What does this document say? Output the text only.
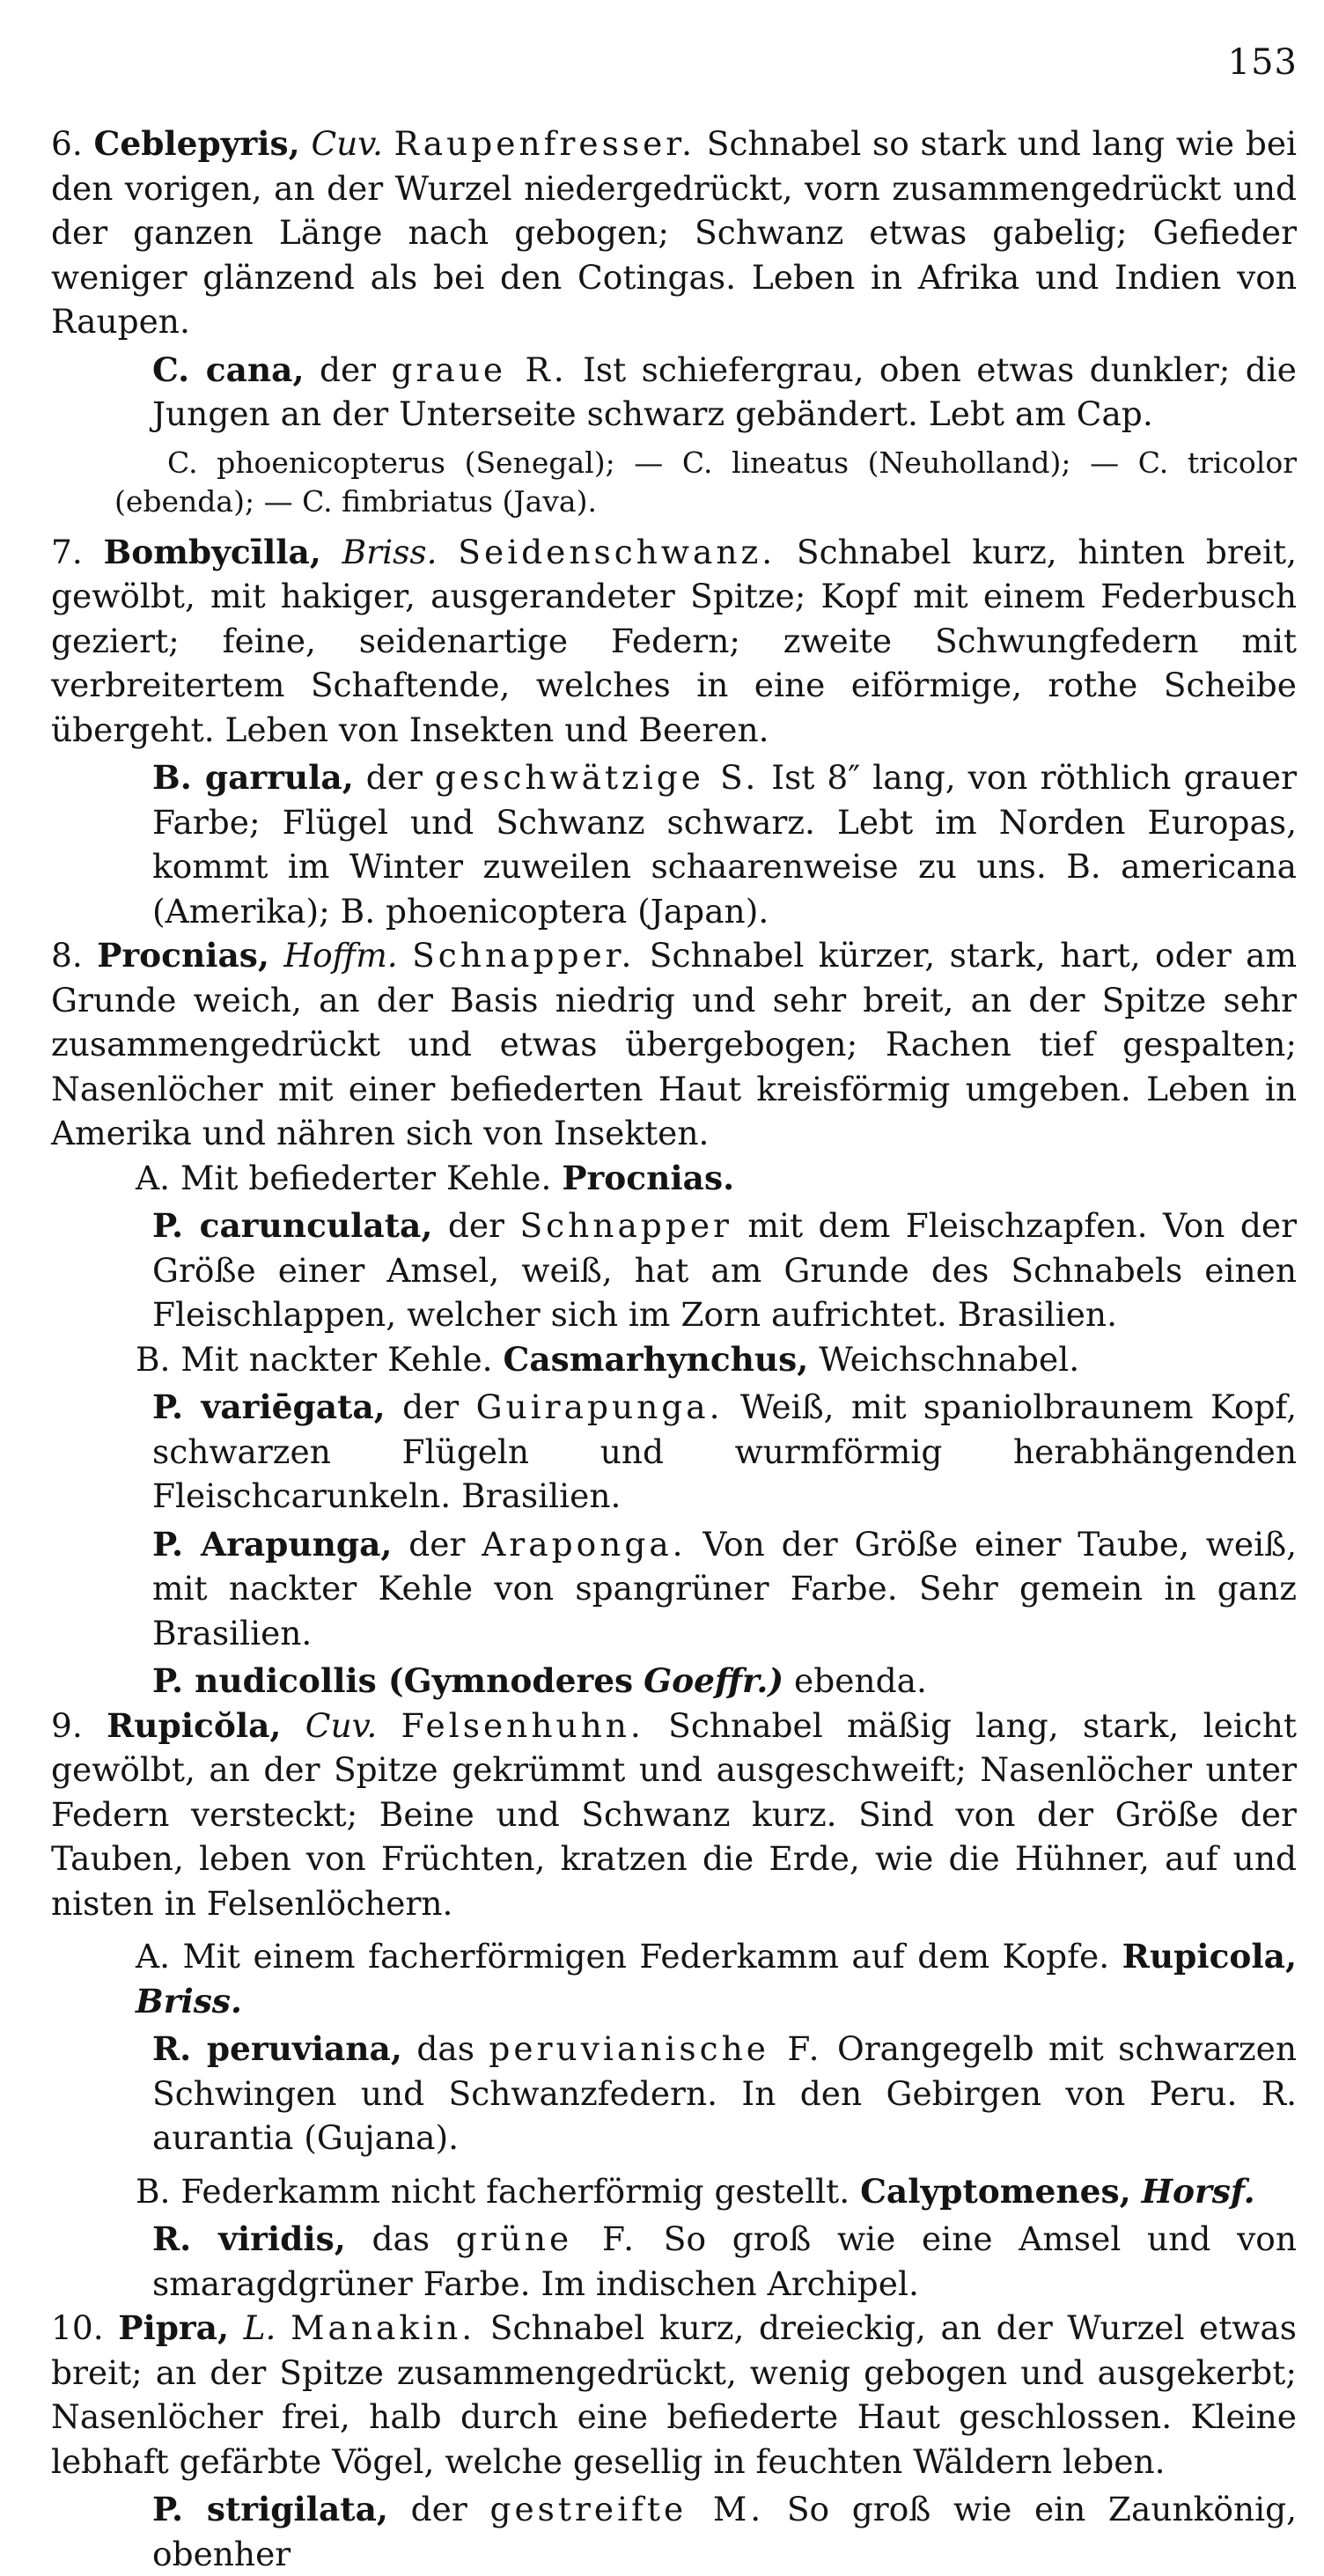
153

6. Ceblepyris, Cuv. Raupenfresser. Schnabel so stark und lang wie bei den vorigen, an der Wurzel niedergedrückt, vorn zusammengedrückt und der ganzen Länge nach gebogen; Schwanz etwas gabelig; Gefieder weniger glänzend als bei den Cotingas. Leben in Afrika und Indien von Raupen.

C. cana, der graue R. Ist schiefergrau, oben etwas dunkler; die Jungen an der Unterseite schwarz gebändert. Lebt am Cap.

C. phoenicopterus (Senegal); — C. lineatus (Neuholland); — C. tricolor (ebenda); — C. fimbriatus (Java).

7. Bombycīlla, Briss. Seidenschwanz. Schnabel kurz, hinten breit, gewölbt, mit hakiger, ausgerandeter Spitze; Kopf mit einem Federbusch geziert; feine, seidenartige Federn; zweite Schwungfedern mit verbreitertem Schaftende, welches in eine eiförmige, rothe Scheibe übergeht. Leben von Insekten und Beeren.

B. garrula, der geschwätzige S. Ist 8″ lang, von röthlich grauer Farbe; Flügel und Schwanz schwarz. Lebt im Norden Europas, kommt im Winter zuweilen schaarenweise zu uns. B. americana (Amerika); B. phoenicoptera (Japan).

8. Procnias, Hoffm. Schnapper. Schnabel kürzer, stark, hart, oder am Grunde weich, an der Basis niedrig und sehr breit, an der Spitze sehr zusammengedrückt und etwas übergebogen; Rachen tief gespalten; Nasenlöcher mit einer befiederten Haut kreisförmig umgeben. Leben in Amerika und nähren sich von Insekten.

A. Mit befiederter Kehle. Procnias.

P. carunculata, der Schnapper mit dem Fleischzapfen. Von der Größe einer Amsel, weiß, hat am Grunde des Schnabels einen Fleischlappen, welcher sich im Zorn aufrichtet. Brasilien.

B. Mit nackter Kehle. Casmarhynchus, Weichschnabel.

P. variēgata, der Guirapunga. Weiß, mit spaniolbraunem Kopf, schwarzen Flügeln und wurmförmig herabhängenden Fleischcarunkeln. Brasilien.

P. Arapunga, der Araponga. Von der Größe einer Taube, weiß, mit nackter Kehle von spangrüner Farbe. Sehr gemein in ganz Brasilien.

P. nudicollis (Gymnoderes Goeffr.) ebenda.

9. Rupicŏla, Cuv. Felsenhuhn. Schnabel mäßig lang, stark, leicht gewölbt, an der Spitze gekrümmt und ausgeschweift; Nasenlöcher unter Federn versteckt; Beine und Schwanz kurz. Sind von der Größe der Tauben, leben von Früchten, kratzen die Erde, wie die Hühner, auf und nisten in Felsenlöchern.

A. Mit einem facherförmigen Federkamm auf dem Kopfe. Rupicola, Briss.

R. peruviana, das peruvianische F. Orangegelb mit schwarzen Schwingen und Schwanzfedern. In den Gebirgen von Peru. R. aurantia (Gujana).

B. Federkamm nicht facherförmig gestellt. Calyptomenes, Horsf.

R. viridis, das grüne F. So groß wie eine Amsel und von smaragdgrüner Farbe. Im indischen Archipel.

10. Pipra, L. Manakin. Schnabel kurz, dreieckig, an der Wurzel etwas breit; an der Spitze zusammengedrückt, wenig gebogen und ausgekerbt; Nasenlöcher frei, halb durch eine befiederte Haut geschlossen. Kleine lebhaft gefärbte Vögel, welche gesellig in feuchten Wäldern leben.

P. strigilata, der gestreifte M. So groß wie ein Zaunkönig, obenher
